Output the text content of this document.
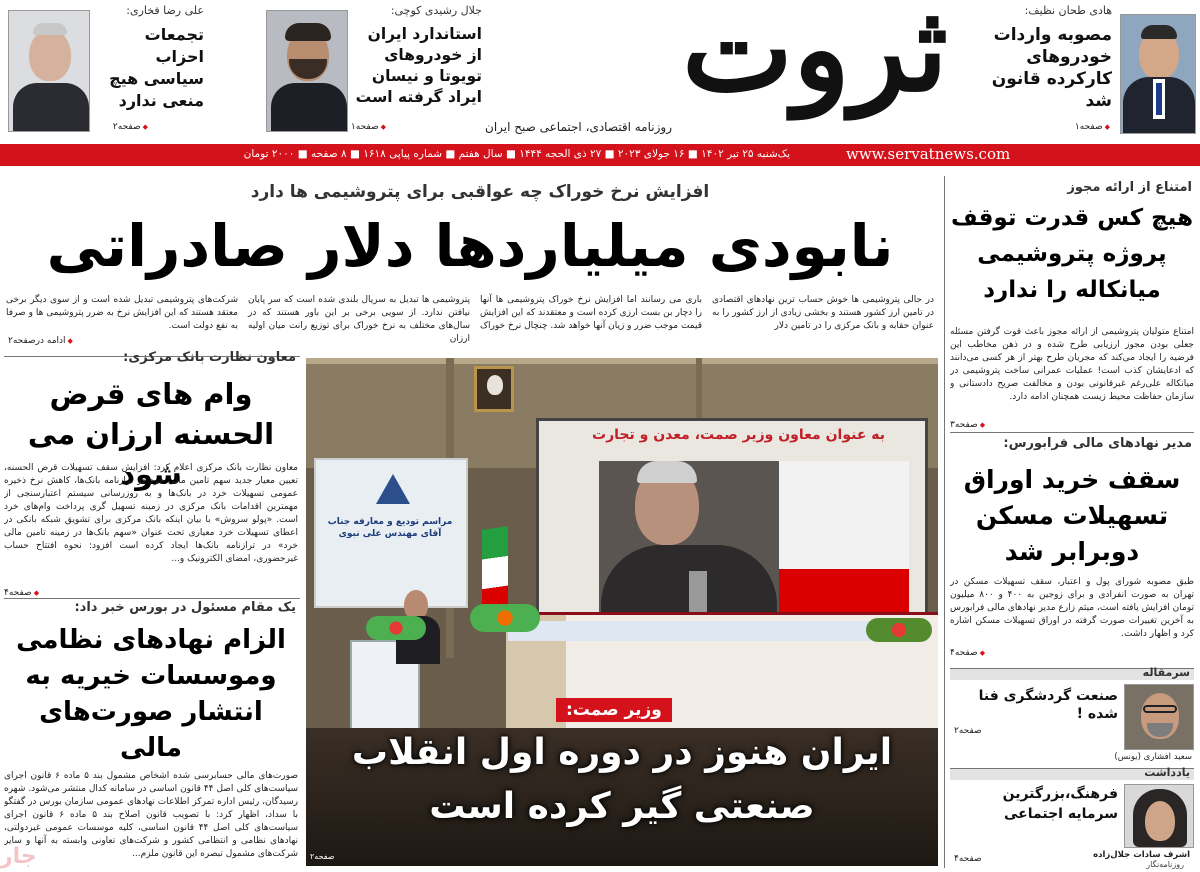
هادی طحان نظیف:
مصوبه واردات خودروهای کارکرده قانون شد
◆ صفحه۱
ثروت
روزنامه اقتصادی، اجتماعی صبح ایران
جلال رشیدی کوچی:
استاندارد ایران از خودروهای تویوتا و نیسان ایراد گرفته است
◆ صفحه۱
علی رضا فخاری:
تجمعات احزاب سیاسی هیچ منعی ندارد
◆ صفحه۲
www.servatnews.com
یک‌شنبه ۲۵ تیر ۱۴۰۲ ■ ۱۶ جولای ۲۰۲۳ ■ ۲۷ ذی الحجه ۱۴۴۴ ■ سال هفتم ■ شماره پیاپی ۱۶۱۸ ■ ۸ صفحه ■ ۲۰۰۰ تومان
افزایش نرخ خوراک چه عواقبی برای پتروشیمی ها دارد
نابودی میلیاردها دلار صادراتی
در حالی پتروشیمی ها خوش حساب ترین نهادهای اقتصادی در تامین ارز کشور هستند و بخشی زیادی از ارز کشور را به عنوان حقابه و بانک مرکزی را در تامین دلار
باری می رسانند اما افزایش نرخ خوراک پتروشیمی ها آنها را دچار بن بست ارزی کرده است و معتقدند که این افزایش قیمت موجب ضرر و زیان آنها خواهد شد. چنچال نرخ خوراک
پتروشیمی ها تبدیل به سریال بلندی شده است که سر پایان نیافتن ندارد. از سویی برخی بر این باور هستند که در سال‌های مختلف به نرخ خوراک برای توزیع رانت میان اولیه ارزان
شرکت‌های پتروشیمی تبدیل شده است و از سوی دیگر برخی معتقد هستند که این افزایش نرخ به ضرر پتروشیمی ها و صرفا به نفع دولت است.
◆ ادامه درصفحه۲
معاون نظارت بانک مرکزی:
وام های قرض الحسنه ارزان می شود
معاون نظارت بانک مرکزی اعلام کرد: افزایش سقف تسهیلات قرض الحسنه، تعیین معیار جدید سهم تامین مالی خرد در ترازنامه بانک‌ها، کاهش نرخ ذخیره عمومی تسهیلات خرد در بانک‌ها و به روزرسانی سیستم اعتبارسنجی از مهمترین اقدامات بانک مرکزی در زمینه تسهیل گری پرداخت وام‌های خرد است. «پولو سروش» با بیان اینکه بانک مرکزی برای تشویق شبکه بانکی در اعطای تسهیلات خرد معیاری تحت عنوان «سهم بانک‌ها در زمینه تامین مالی خرد» در ترازنامه بانک‌ها ایجاد کرده است افزود: نحوه افتتاح حساب غیرحضوری، امضای الکترونیک و...
◆ صفحه۴
یک مقام مسئول در بورس خبر داد:
الزام نهادهای نظامی وموسسات خیریه به انتشار صورت‌های مالی
صورت‌های مالی حسابرسی شده اشخاص مشمول بند ۵ ماده ۶ قانون اجرای سیاست‌های کلی اصل ۴۴ قانون اساسی در سامانه کدال منتشر می‌شود. شهره رسیدگان، رئیس اداره تمرکز اطلاعات نهادهای عمومی سازمان بورس در گفتگو با سداد، اظهار کرد: با تصویب قانون اصلاح بند ۵ ماده ۶ قانون اجرای سیاست‌های کلی اصل ۴۴ قانون اساسی، کلیه موسسات عمومی غیردولتی، نهادهای نظامی و انتظامی کشور و شرکت‌های تعاونی وابسته به آنها و سایر شرکت‌های مشمول تبصره این قانون ملزم...
جار
امتناع از ارائه مجوز
هیچ کس قدرت توقف پروژه پتروشیمی میانکاله را ندارد
امتناع متولیان پتروشیمی از ارائه مجوز باعث قوت گرفتن مسئله جعلی بودن مجوز ارزیابی طرح شده و در ذهن مخاطب این فرضیه را ایجاد می‌کند که مجریان طرح بهتر از هر کسی می‌دانند که ادعایشان کذب است! عملیات عمرانی ساخت پتروشیمی در میانکاله علی‌رغم غیرقانونی بودن و مخالفت صریح دادستانی و سازمان حفاظت محیط زیست همچنان ادامه دارد.
◆ صفحه۳
مدیر نهادهای مالی فرابورس:
سقف خرید اوراق تسهیلات مسکن دوبرابر شد
طبق مصوبه شورای پول و اعتبار، سقف تسهیلات مسکن در تهران به صورت انفرادی و برای زوجین به ۴۰۰ و ۸۰۰ میلیون تومان افزایش یافته است، میثم زارع مدیر نهادهای مالی فرابورس به آخرین تغییرات صورت گرفته در اوراق تسهیلات مسکن اشاره کرد و اظهار داشت.
◆ صفحه۴
سرمقاله
صنعت گردشگری فنا شده !
سعید افشاری (یونس)
صفحه۲
یادداشت
فرهنگ،بزرگترین سرمایه اجتماعی
اشرف سادات جلال‌زاده
روزنامه‌نگار
صفحه۴
مراسم تودیع و معارفه جناب آقای مهندس علی نبوی
به عنوان معاون وزیر صمت، معدن و تجارت
وزیر صمت:
ایران هنوز در دوره اول انقلاب صنعتی گیر کرده است
صفحه۲
